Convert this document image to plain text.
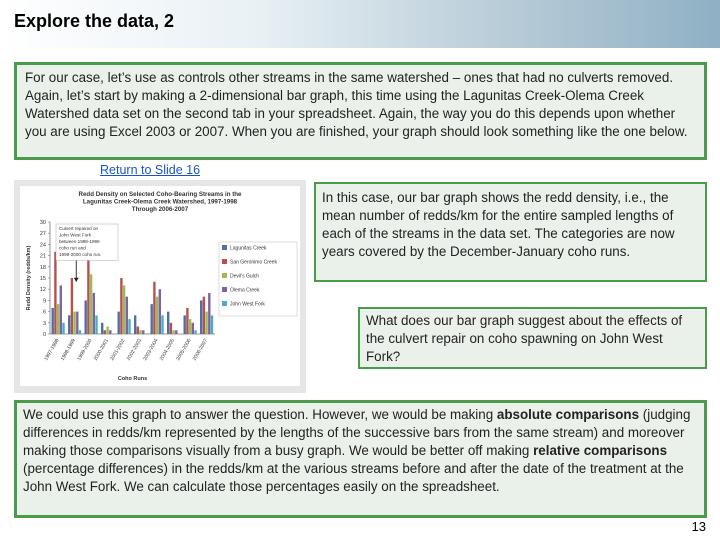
Explore the data, 2
For our case, let’s use as controls other streams in the same watershed – ones that had no culverts removed. Again, let’s start by making a 2-dimensional bar graph, this time using the Lagunitas Creek-Olema Creek Watershed data set on the second tab in your spreadsheet. Again, the way you do this depends upon whether you are using Excel 2003 or 2007. When you are finished, your graph should look something like the one below.
Return to Slide 16
Redd Density on Selected Coho-Bearing Streams in the
Lagunitas Creek-Olema Creek Watershed, 1997-1998
Through 2006-2007
0
3
6
9
12
15
18
21
24
27
30
Redd Density (redds/km)
1997-1998 1998-1999 1999-2000 2000-2001 2001-2002 2002-2003 2003-2004 2004-2005 2005-2006 2006-2007
Coho Runs
Culvert repaired on
John West Fork
between 1998-1999
coho run and
1999-2000 coho run.
Lagunitas Creek
San Geronimo Creek
Devil's Gulch
Olema Creek
John West Fork
In this case, our bar graph shows the redd density, i.e., the mean number of redds/km for the entire sampled lengths of each of the streams in the data set. The categories are now years covered by the December-January coho runs.
What does our bar graph suggest about the effects of the culvert repair on coho spawning on John West Fork?
We could use this graph to answer the question. However, we would be making absolute comparisons (judging differences in redds/km represented by the lengths of the successive bars from the same stream) and moreover making those comparisons visually from a busy graph. We would be better off making relative comparisons (percentage differences) in the redds/km at the various streams before and after the date of the treatment at the John West Fork. We can calculate those percentages easily on the spreadsheet.
13
